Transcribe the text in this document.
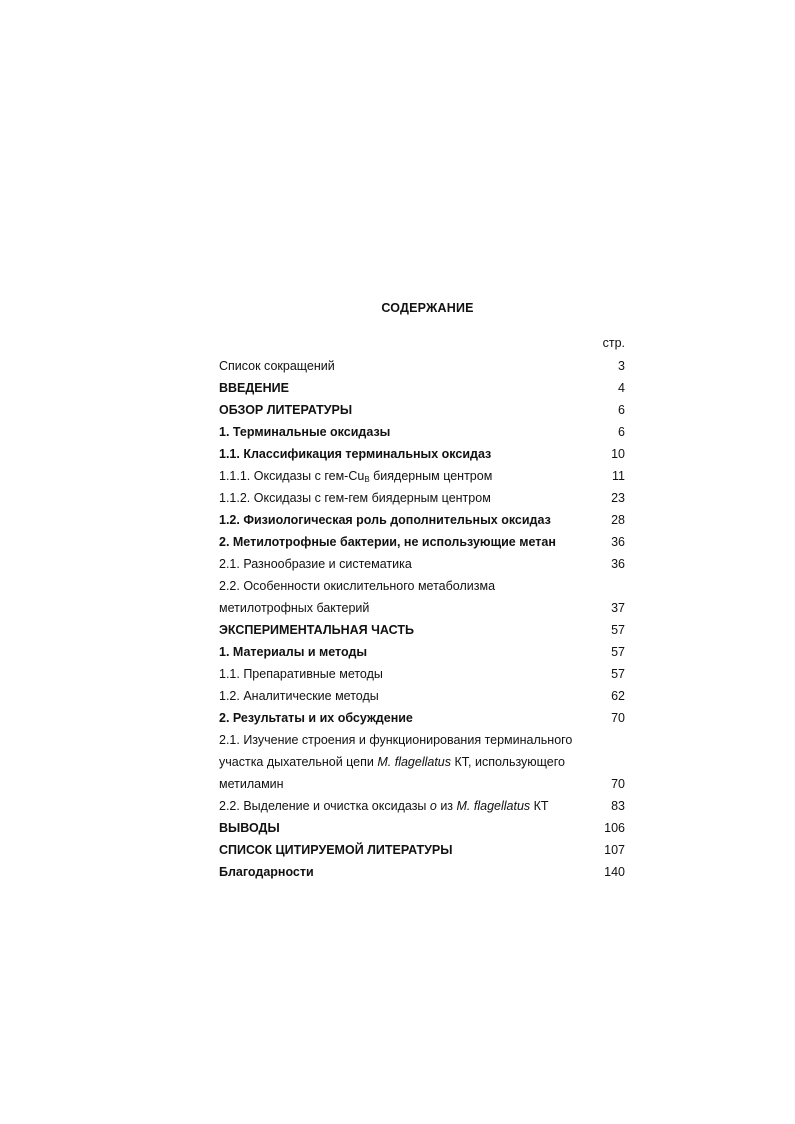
СОДЕРЖАНИЕ
стр.
Список сокращений	3
ВВЕДЕНИЕ	4
ОБЗОР ЛИТЕРАТУРЫ	6
1. Терминальные оксидазы	6
1.1. Классификация терминальных оксидаз	10
1.1.1. Оксидазы с гем-$Cu_B$ биядерным центром	11
1.1.2. Оксидазы с гем-гем биядерным центром	23
1.2. Физиологическая роль дополнительных оксидаз	28
2. Метилотрофные бактерии, не использующие метан	36
2.1. Разнообразие и систематика	36
2.2. Особенности окислительного метаболизма
метилотрофных бактерий	37
ЭКСПЕРИМЕНТАЛЬНАЯ ЧАСТЬ	57
1. Материалы и методы	57
1.1. Препаративные методы	57
1.2. Аналитические методы	62
2. Результаты и их обсуждение	70
2.1. Изучение строения и функционирования терминального
участка дыхательной цепи M. flagellatus КТ, использующего
метиламин	70
2.2. Выделение и очистка оксидазы o из M. flagellatus КТ	83
ВЫВОДЫ	106
СПИСОК ЦИТИРУЕМОЙ ЛИТЕРАТУРЫ	107
Благодарности	140
